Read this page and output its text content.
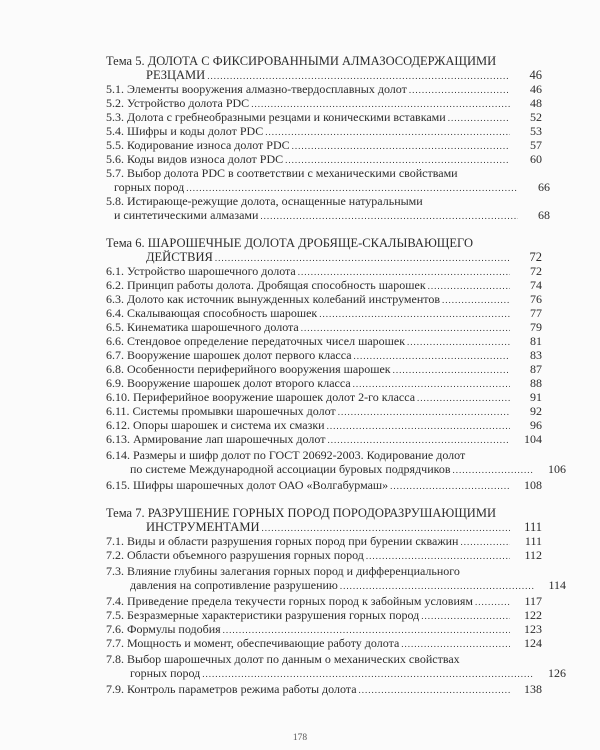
Тема 5. ДОЛОТА С ФИКСИРОВАННЫМИ АЛМАЗОСОДЕРЖАЩИМИ
РЕЗЦАМИ .....	46
5.1. Элементы вооружения алмазно-твердосплавных долот .....	46
5.2. Устройство долота PDC .....	48
5.3. Долота с гребнеобразными резцами и коническими вставками .....	52
5.4. Шифры и коды долот PDC .....	53
5.5. Кодирование износа долот PDC .....	57
5.6. Коды видов износа долот PDC .....	60
5.7. Выбор долота PDC в соответствии с механическими свойствами
горных пород .....	66
5.8. Истирающе-режущие долота, оснащенные натуральными
и синтетическими алмазами .....	68
Тема 6. ШАРОШЕЧНЫЕ ДОЛОТА ДРОБЯЩЕ-СКАЛЫВАЮЩЕГО
ДЕЙСТВИЯ .....	72
6.1. Устройство шарошечного долота .....	72
6.2. Принцип работы долота. Дробящая способность шарошек .....	74
6.3. Долото как источник вынужденных колебаний инструментов .....	76
6.4. Скалывающая способность шарошек .....	77
6.5. Кинематика шарошечного долота .....	79
6.6. Стендовое определение передаточных чисел шарошек .....	81
6.7. Вооружение шарошек долот первого класса .....	83
6.8. Особенности периферийного вооружения шарошек .....	87
6.9. Вооружение шарошек долот второго класса .....	88
6.10. Периферийное вооружение шарошек долот 2-го класса .....	91
6.11. Системы промывки шарошечных долот .....	92
6.12. Опоры шарошек и система их смазки .....	96
6.13. Армирование лап шарошечных долот .....	104
6.14. Размеры и шифр долот по ГОСТ 20692-2003. Кодирование долот
по системе Международной ассоциации буровых подрядчиков .....	106
6.15. Шифры шарошечных долот ОАО «Волгабурмаш» .....	108
Тема 7. РАЗРУШЕНИЕ ГОРНЫХ ПОРОД ПОРОДОРАЗРУШАЮЩИМИ
ИНСТРУМЕНТАМИ .....	111
7.1. Виды и области разрушения горных пород при бурении скважин .....	111
7.2. Области объемного разрушения горных пород .....	112
7.3. Влияние глубины залегания горных пород и дифференциального
давления на сопротивление разрушению .....	114
7.4. Приведение предела текучести горных пород к забойным условиям .....	117
7.5. Безразмерные характеристики разрушения горных пород .....	122
7.6. Формулы подобия .....	123
7.7. Мощность и момент, обеспечивающие работу долота .....	124
7.8. Выбор шарошечных долот по данным о механических свойствах
горных пород .....	126
7.9. Контроль параметров режима работы долота .....	138
178
